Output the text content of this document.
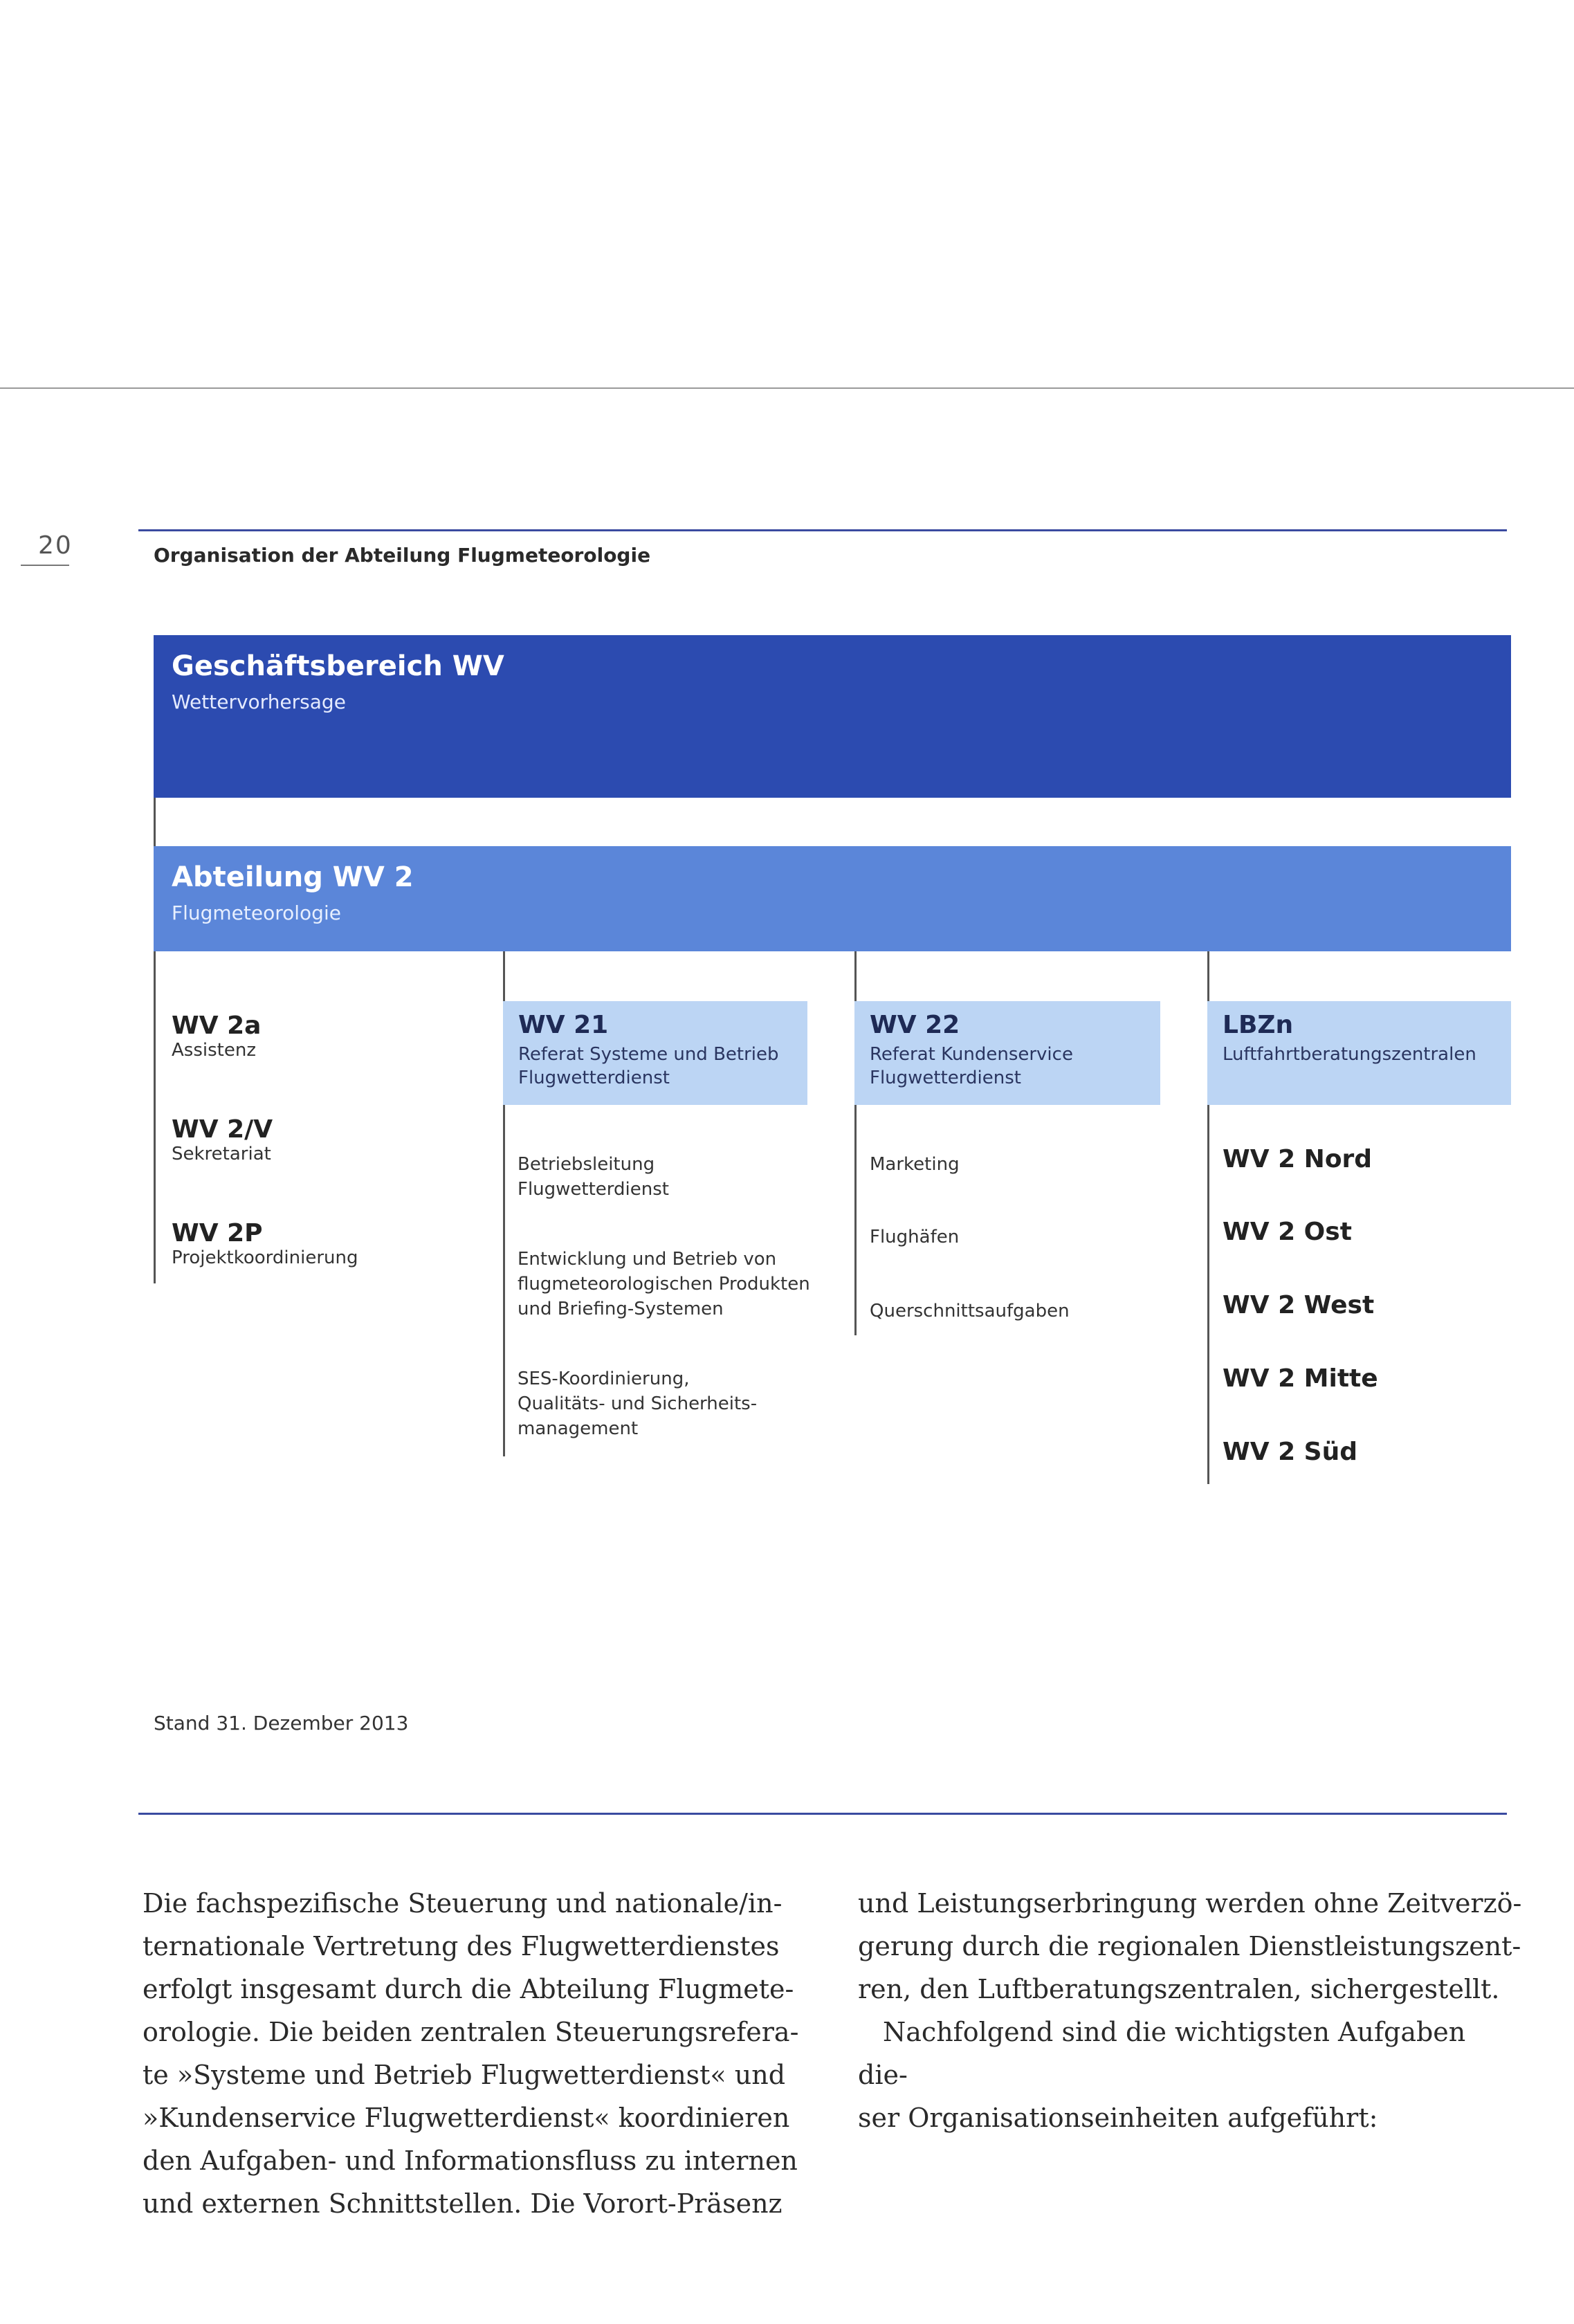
20	Organisation der Abteilung Flugmeteorologie
Geschäftsbereich WV
Wettervorhersage
Abteilung WV 2
Flugmeteorologie
WV 2a
Assistenz
WV 2/V
Sekretariat
WV 2P
Projektkoordinierung
WV 21
Referat Systeme und Betrieb
Flugwetterdienst
Betriebsleitung
Flugwetterdienst
Entwicklung und Betrieb von
flugmeteorologischen Produkten
und Briefing-Systemen
SES-Koordinierung,
Qualitäts- und Sicherheits-
management
WV 22
Referat Kundenservice
Flugwetterdienst
Marketing
Flughäfen
Querschnittsaufgaben
LBZn
Luftfahrtberatungszentralen
WV 2 Nord
WV 2 Ost
WV 2 West
WV 2 Mitte
WV 2 Süd
Stand 31. Dezember 2013

Die fachspezifische Steuerung und nationale/in-

ternationale Vertretung des Flugwetterdienstes

erfolgt insgesamt durch die Abteilung Flugmete-

orologie. Die beiden zentralen Steuerungsrefera-

te »Systeme und Betrieb Flugwetterdienst« und

»Kundenservice Flugwetterdienst« koordinieren

den Aufgaben- und Informationsfluss zu internen

und externen Schnittstellen. Die Vorort-Präsenz

und Leistungserbringung werden ohne Zeitverzö-

gerung durch die regionalen Dienstleistungszent-

ren, den Luftberatungszentralen, sichergestellt.

Nachfolgend sind die wichtigsten Aufgaben die-

ser Organisationseinheiten aufgeführt:
